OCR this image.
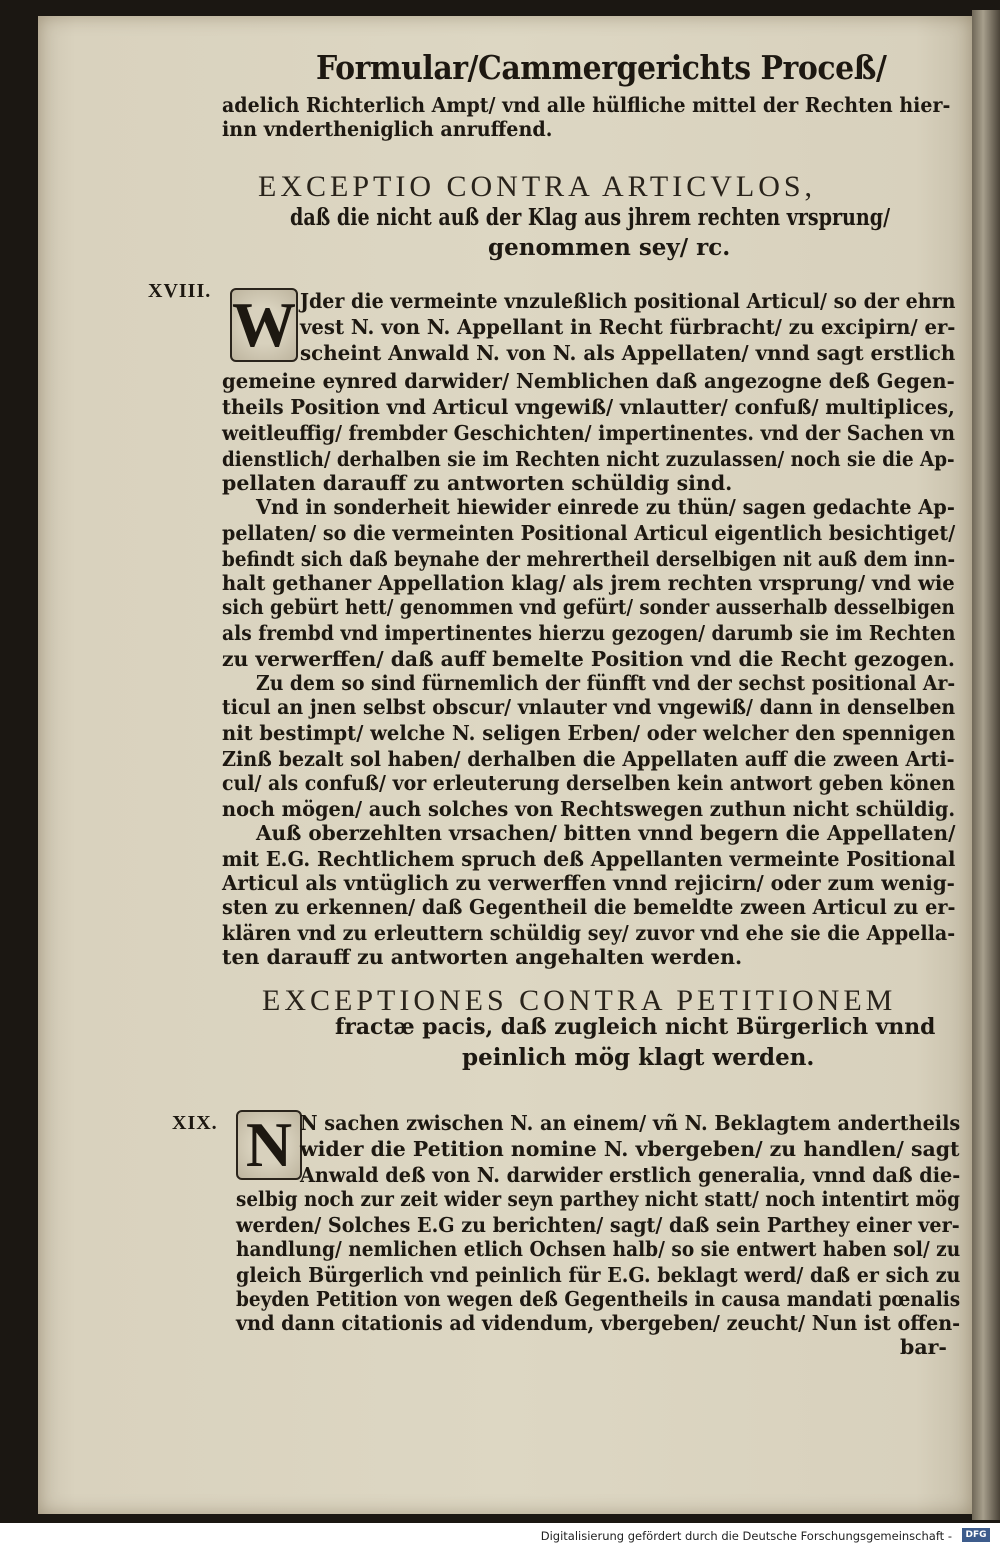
Formular/Cammergerichts Proceß/
adelich Richterlich Ampt/ vnd alle hülfliche mittel der Rechten hier-
inn vndertheniglich anruffend.
EXCEPTIO CONTRA ARTICVLOS,
daß die nicht auß der Klag aus jhrem rechten vrsprung/
genommen sey/ rc.
XVIII. W Jder die vermeinte vnzuleßlich positional Articul/ so der ehrn
vest N. von N. Appellant in Recht fürbracht/ zu excipirn/ er-
scheint Anwald N. von N. als Appellaten/ vnnd sagt erstlich
gemeine eynred darwider/ Nemblichen daß angezogne deß Gegen-
theils Position vnd Articul vngewiß/ vnlautter/ confuß/ multiplices,
weitleuffig/ frembder Geschichten/ impertinentes. vnd der Sachen vn
dienstlich/ derhalben sie im Rechten nicht zuzulassen/ noch sie die Ap-
pellaten darauff zu antworten schüldig sind.
Vnd in sonderheit hiewider einrede zu thün/ sagen gedachte Ap-
pellaten/ so die vermeinten Positional Articul eigentlich besichtiget/
befindt sich daß beynahe der mehrertheil derselbigen nit auß dem inn-
halt gethaner Appellation klag/ als jrem rechten vrsprung/ vnd wie
sich gebürt hett/ genommen vnd gefürt/ sonder ausserhalb desselbigen
als frembd vnd impertinentes hierzu gezogen/ darumb sie im Rechten
zu verwerffen/ daß auff bemelte Position vnd die Recht gezogen.
Zu dem so sind fürnemlich der fünfft vnd der sechst positional Ar-
ticul an jnen selbst obscur/ vnlauter vnd vngewiß/ dann in denselben
nit bestimpt/ welche N. seligen Erben/ oder welcher den spennigen
Zinß bezalt sol haben/ derhalben die Appellaten auff die zween Arti-
cul/ als confuß/ vor erleuterung derselben kein antwort geben könen
noch mögen/ auch solches von Rechtswegen zuthun nicht schüldig.
Auß oberzehlten vrsachen/ bitten vnnd begern die Appellaten/
mit E.G. Rechtlichem spruch deß Appellanten vermeinte Positional
Articul als vntüglich zu verwerffen vnnd rejicirn/ oder zum wenig-
sten zu erkennen/ daß Gegentheil die bemeldte zween Articul zu er-
klären vnd zu erleuttern schüldig sey/ zuvor vnd ehe sie die Appella-
ten darauff zu antworten angehalten werden.
EXCEPTIONES CONTRA PETITIONEM
fractæ pacis, daß zugleich nicht Bürgerlich vnnd
peinlich mög klagt werden.
XIX. N N sachen zwischen N. an einem/ vñ N. Beklagtem andertheils
wider die Petition nomine N. vbergeben/ zu handlen/ sagt
Anwald deß von N. darwider erstlich generalia, vnnd daß die-
selbig noch zur zeit wider seyn parthey nicht statt/ noch intentirt mög
werden/ Solches E.G zu berichten/ sagt/ daß sein Parthey einer ver-
handlung/ nemlichen etlich Ochsen halb/ so sie entwert haben sol/ zu
gleich Bürgerlich vnd peinlich für E.G. beklagt werd/ daß er sich zu
beyden Petition von wegen deß Gegentheils in causa mandati pœnalis
vnd dann citationis ad videndum, vbergeben/ zeucht/ Nun ist offen-
bar-
Digitalisierung gefördert durch die Deutsche Forschungsgemeinschaft -	DFG
